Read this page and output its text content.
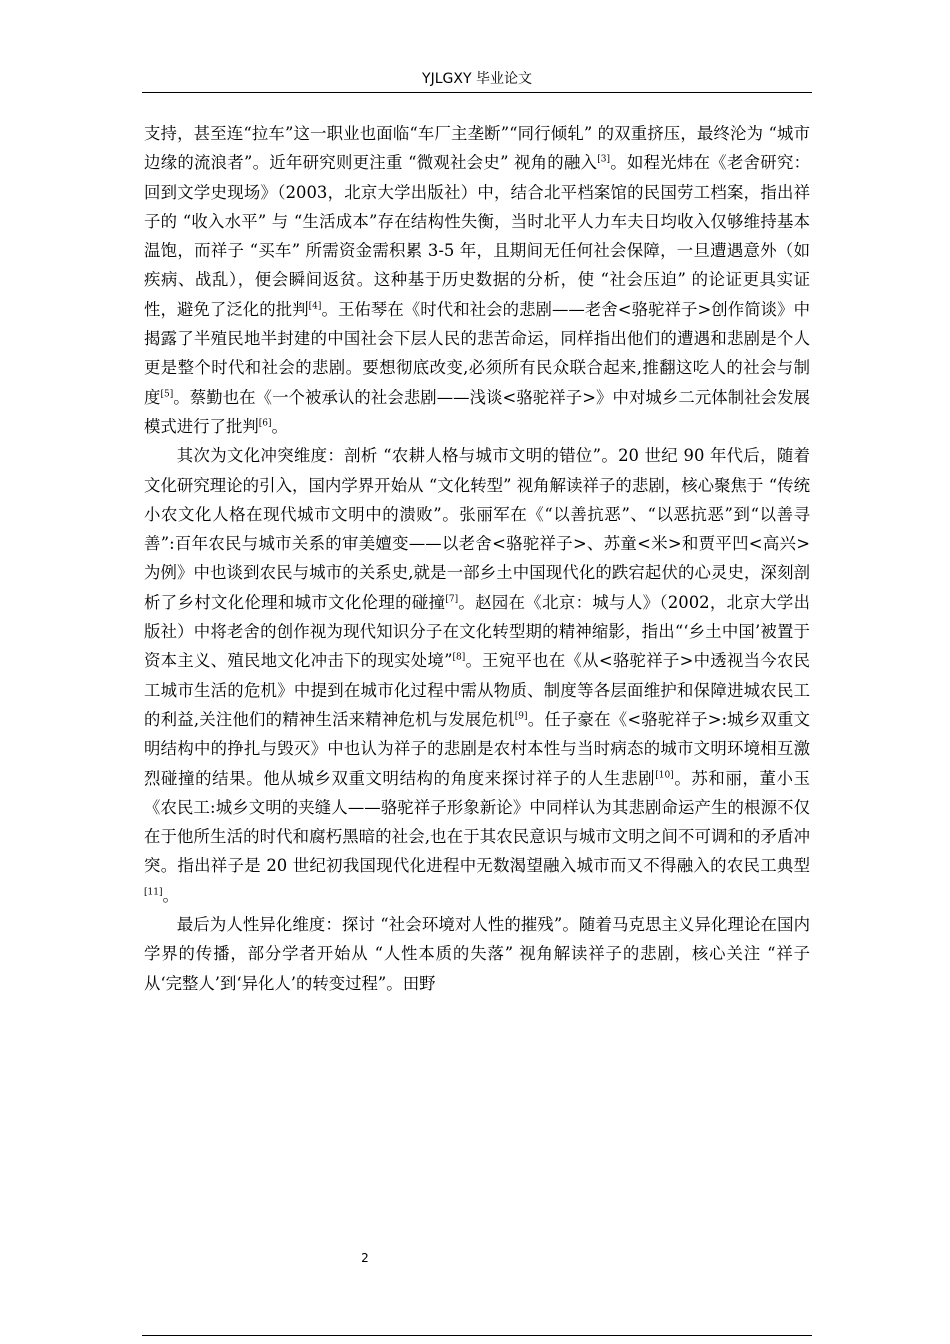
YJLGXY 毕业论文

支持，甚至连“拉车”这一职业也面临“车厂主垄断”“同行倾轧” 的双重挤压，最终沦为 “城市边缘的流浪者”。近年研究则更注重 “微观社会史” 视角的融入[3]。如程光炜在《老舍研究：回到文学史现场》（2003，北京大学出版社）中，结合北平档案馆的民国劳工档案，指出祥子的 “收入水平” 与 “生活成本”存在结构性失衡，当时北平人力车夫日均收入仅够维持基本温饱，而祥子 “买车” 所需资金需积累 3-5 年，且期间无任何社会保障，一旦遭遇意外（如疾病、战乱），便会瞬间返贫。这种基于历史数据的分析，使 “社会压迫” 的论证更具实证性，避免了泛化的批判[4]。王佑琴在《时代和社会的悲剧——老舍<骆驼祥子>创作简谈》中揭露了半殖民地半封建的中国社会下层人民的悲苦命运，同样指出他们的遭遇和悲剧是个人更是整个时代和社会的悲剧。要想彻底改变,必须所有民众联合起来,推翻这吃人的社会与制度[5]。蔡勤也在《一个被承认的社会悲剧——浅谈<骆驼祥子>》中对城乡二元体制社会发展模式进行了批判[6]。

其次为文化冲突维度：剖析 “农耕人格与城市文明的错位”。20 世纪 90 年代后，随着文化研究理论的引入，国内学界开始从 “文化转型” 视角解读祥子的悲剧，核心聚焦于 “传统小农文化人格在现代城市文明中的溃败”。张丽军在《“以善抗恶”、“以恶抗恶”到“以善寻善”:百年农民与城市关系的审美嬗变——以老舍<骆驼祥子>、苏童<米>和贾平凹<高兴>为例》中也谈到农民与城市的关系史,就是一部乡土中国现代化的跌宕起伏的心灵史，深刻剖析了乡村文化伦理和城市文化伦理的碰撞[7]。赵园在《北京：城与人》（2002，北京大学出版社）中将老舍的创作视为现代知识分子在文化转型期的精神缩影，指出“‘乡土中国’被置于资本主义、殖民地文化冲击下的现实处境”[8]。王宛平也在《从<骆驼祥子>中透视当今农民工城市生活的危机》中提到在城市化过程中需从物质、制度等各层面维护和保障进城农民工的利益,关注他们的精神生活来精神危机与发展危机[9]。任子豪在《<骆驼祥子>:城乡双重文明结构中的挣扎与毁灭》中也认为祥子的悲剧是农村本性与当时病态的城市文明环境相互激烈碰撞的结果。他从城乡双重文明结构的角度来探讨祥子的人生悲剧[10]。苏和丽，董小玉《农民工:城乡文明的夹缝人——骆驼祥子形象新论》中同样认为其悲剧命运产生的根源不仅在于他所生活的时代和腐朽黑暗的社会,也在于其农民意识与城市文明之间不可调和的矛盾冲突。指出祥子是 20 世纪初我国现代化进程中无数渴望融入城市而又不得融入的农民工典型[11]。

最后为人性异化维度：探讨 “社会环境对人性的摧残”。随着马克思主义异化理论在国内学界的传播，部分学者开始从 “人性本质的失落” 视角解读祥子的悲剧，核心关注 “祥子从‘完整人’到‘异化人’的转变过程”。田野

2
